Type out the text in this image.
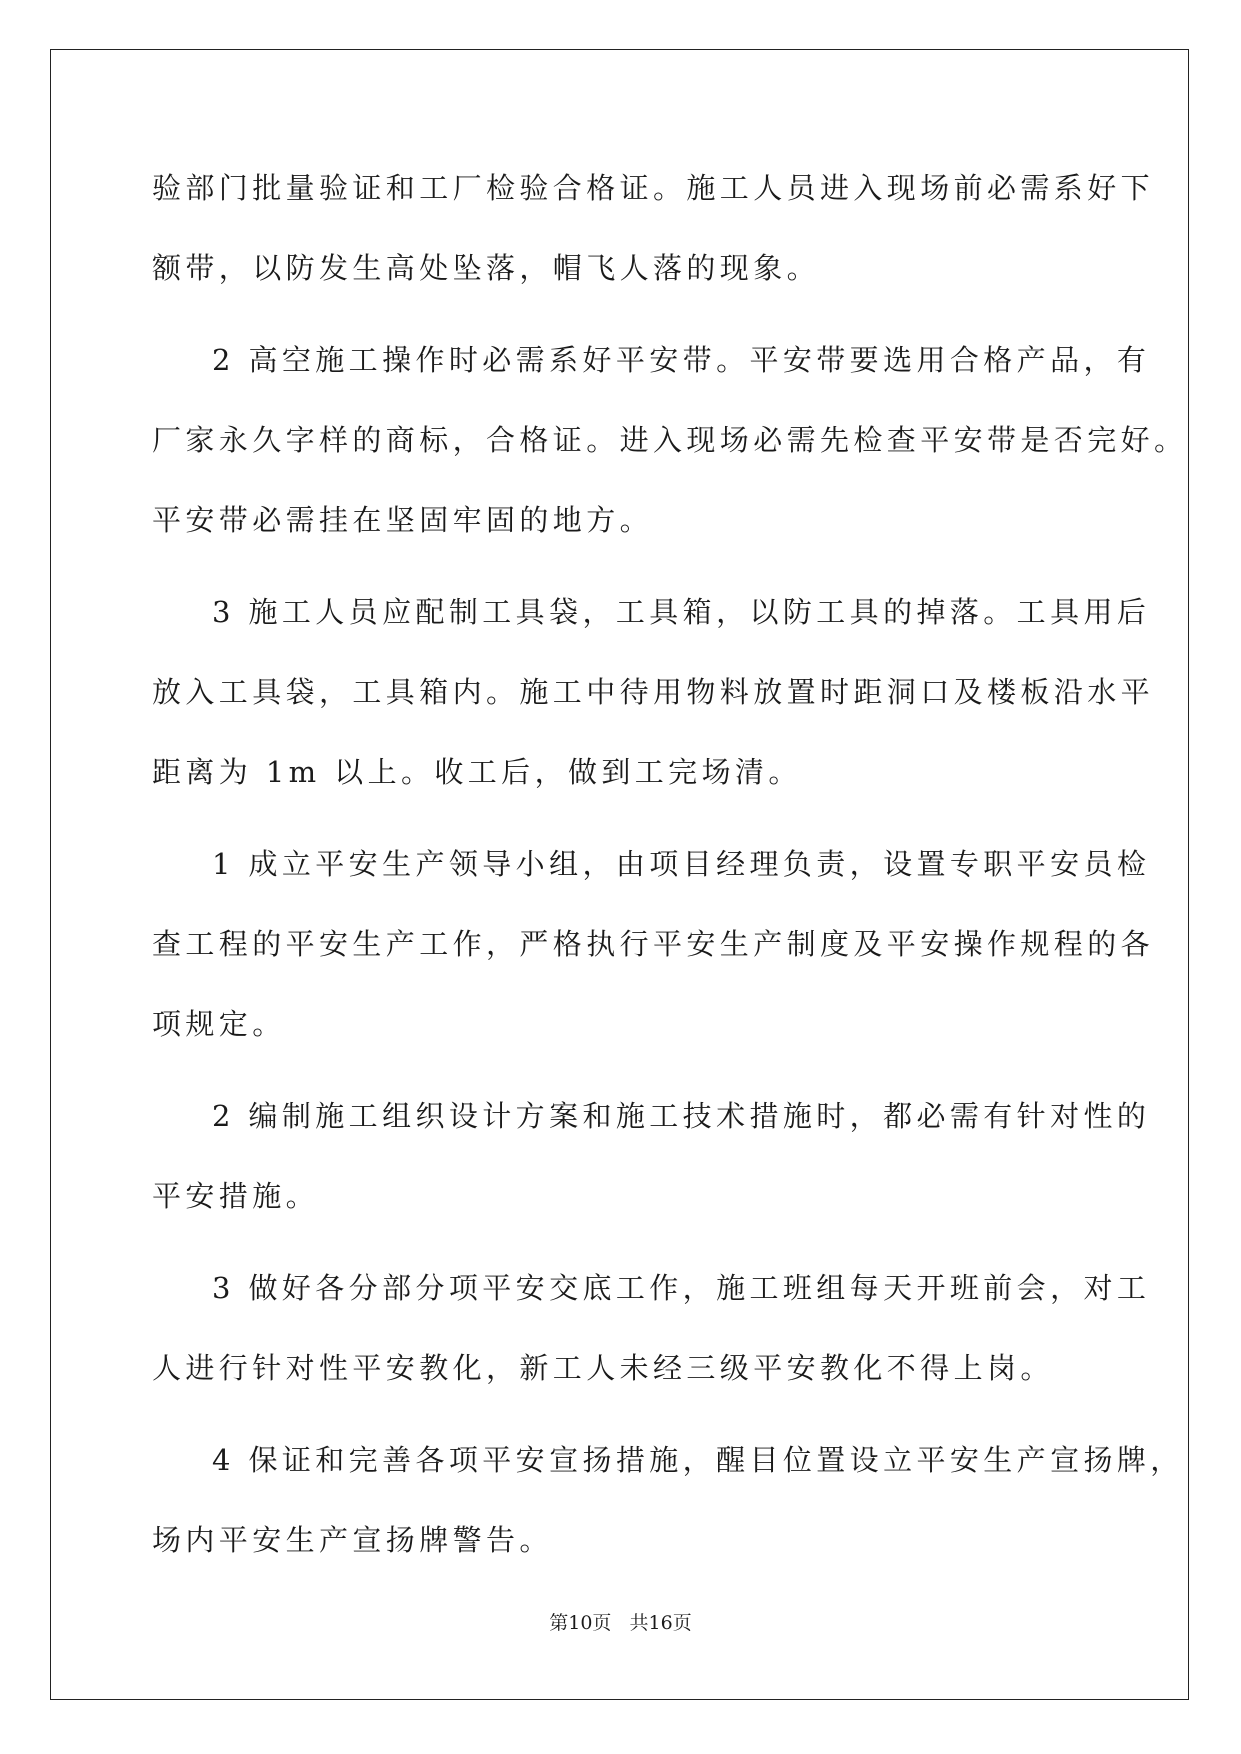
验部门批量验证和工厂检验合格证。施工人员进入现场前必需系好下
额带，以防发生高处坠落，帽飞人落的现象。
2 高空施工操作时必需系好平安带。平安带要选用合格产品，有
厂家永久字样的商标，合格证。进入现场必需先检查平安带是否完好。
平安带必需挂在坚固牢固的地方。
3 施工人员应配制工具袋，工具箱，以防工具的掉落。工具用后
放入工具袋，工具箱内。施工中待用物料放置时距洞口及楼板沿水平
距离为 1m 以上。收工后，做到工完场清。
1 成立平安生产领导小组，由项目经理负责，设置专职平安员检
查工程的平安生产工作，严格执行平安生产制度及平安操作规程的各
项规定。
2 编制施工组织设计方案和施工技术措施时，都必需有针对性的
平安措施。
3 做好各分部分项平安交底工作，施工班组每天开班前会，对工
人进行针对性平安教化，新工人未经三级平安教化不得上岗。
4 保证和完善各项平安宣扬措施，醒目位置设立平安生产宣扬牌，
场内平安生产宣扬牌警告。
第10页   共16页
